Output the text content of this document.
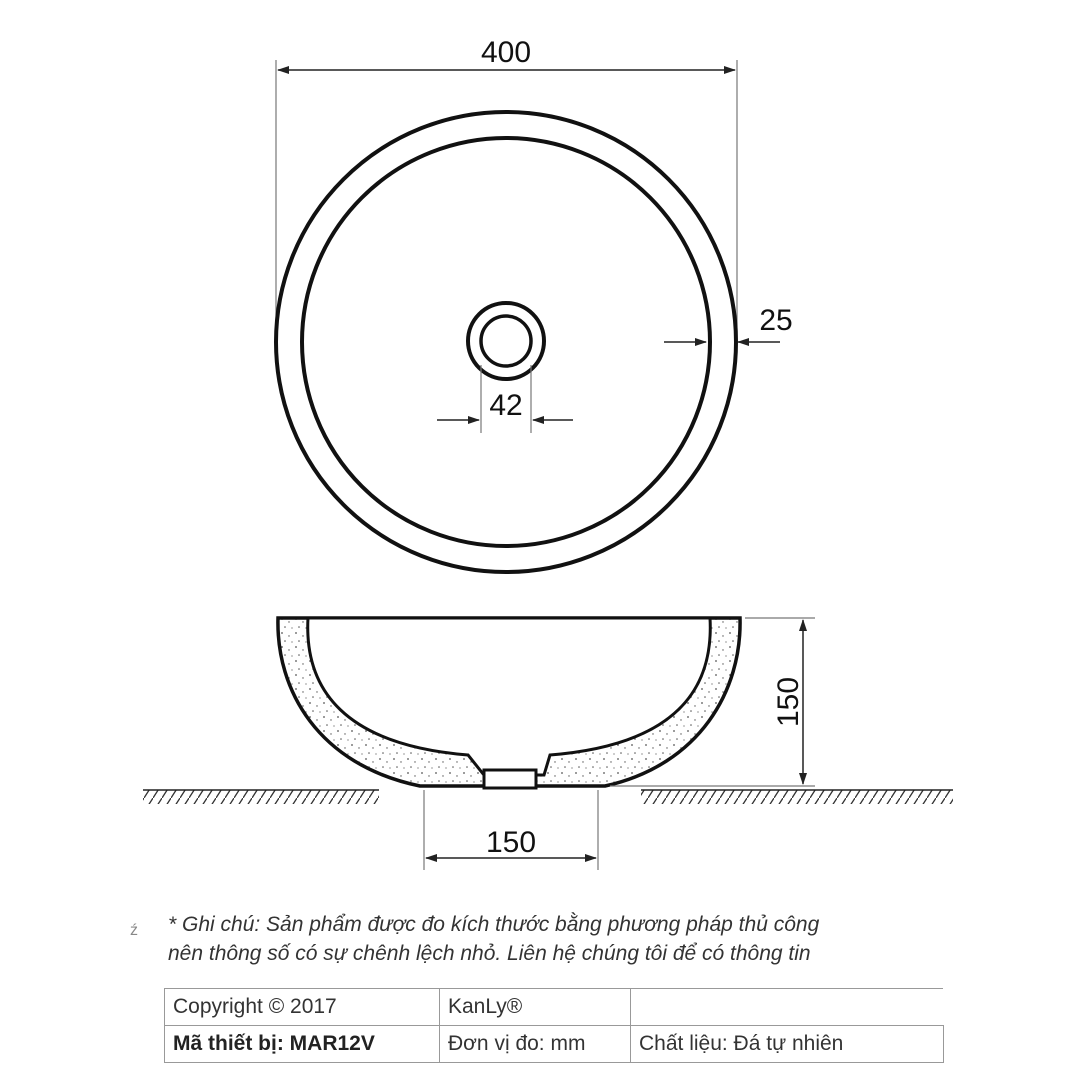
400
25
42
150
150
ź * Ghi chú: Sản phẩm được đo kích thước bằng phương pháp thủ công
nên thông số có sự chênh lệch nhỏ. Liên hệ chúng tôi để có thông tin
Copyright © 2017	KanLy®	
Mã thiết bị: MAR12V	Đơn vị đo: mm	Chất liệu: Đá tự nhiên
